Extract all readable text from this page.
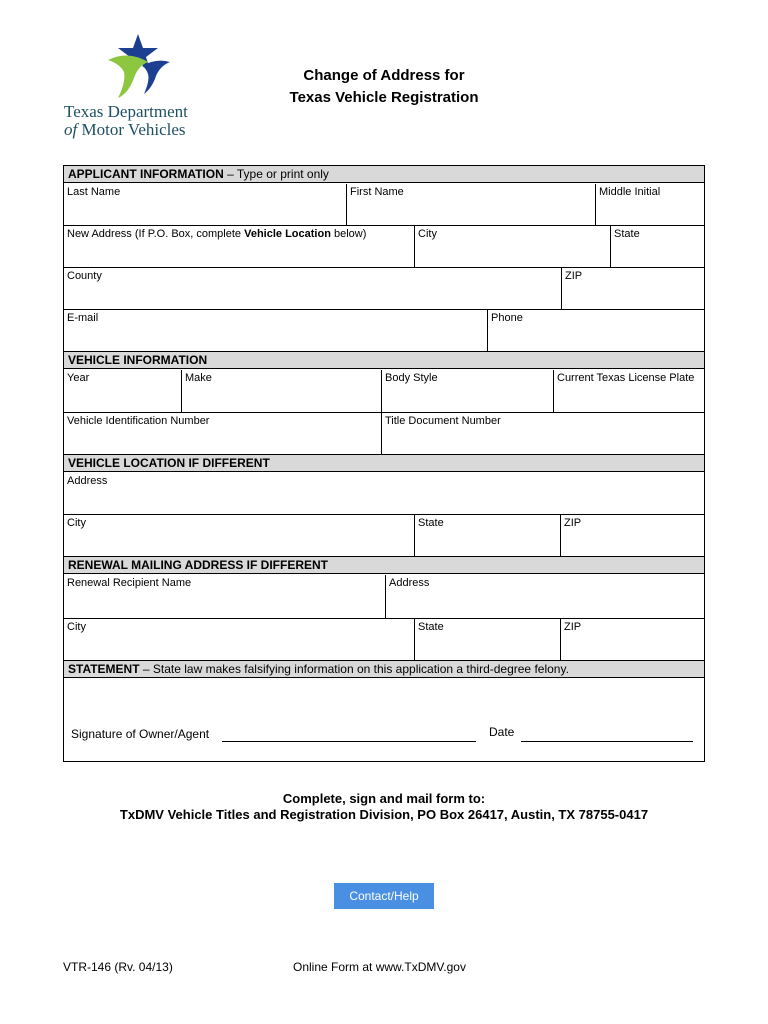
Texas Department
of Motor Vehicles
Change of Address for
Texas Vehicle Registration
APPLICANT INFORMATION – Type or print only
Last Name	First Name	Middle Initial
New Address (If P.O. Box, complete Vehicle Location below)	City	State
County	ZIP
E-mail	Phone
VEHICLE INFORMATION
Year	Make	Body Style	Current Texas License Plate
Vehicle Identification Number	Title Document Number
VEHICLE LOCATION IF DIFFERENT
Address
City	State	ZIP
RENEWAL MAILING ADDRESS IF DIFFERENT
Renewal Recipient Name	Address
City	State	ZIP
STATEMENT – State law makes falsifying information on this application a third-degree felony.
Signature of Owner/Agent	Date
Complete, sign and mail form to:
TxDMV Vehicle Titles and Registration Division, PO Box 26417, Austin, TX 78755-0417
Contact/Help
VTR-146 (Rv. 04/13)	Online Form at www.TxDMV.gov
